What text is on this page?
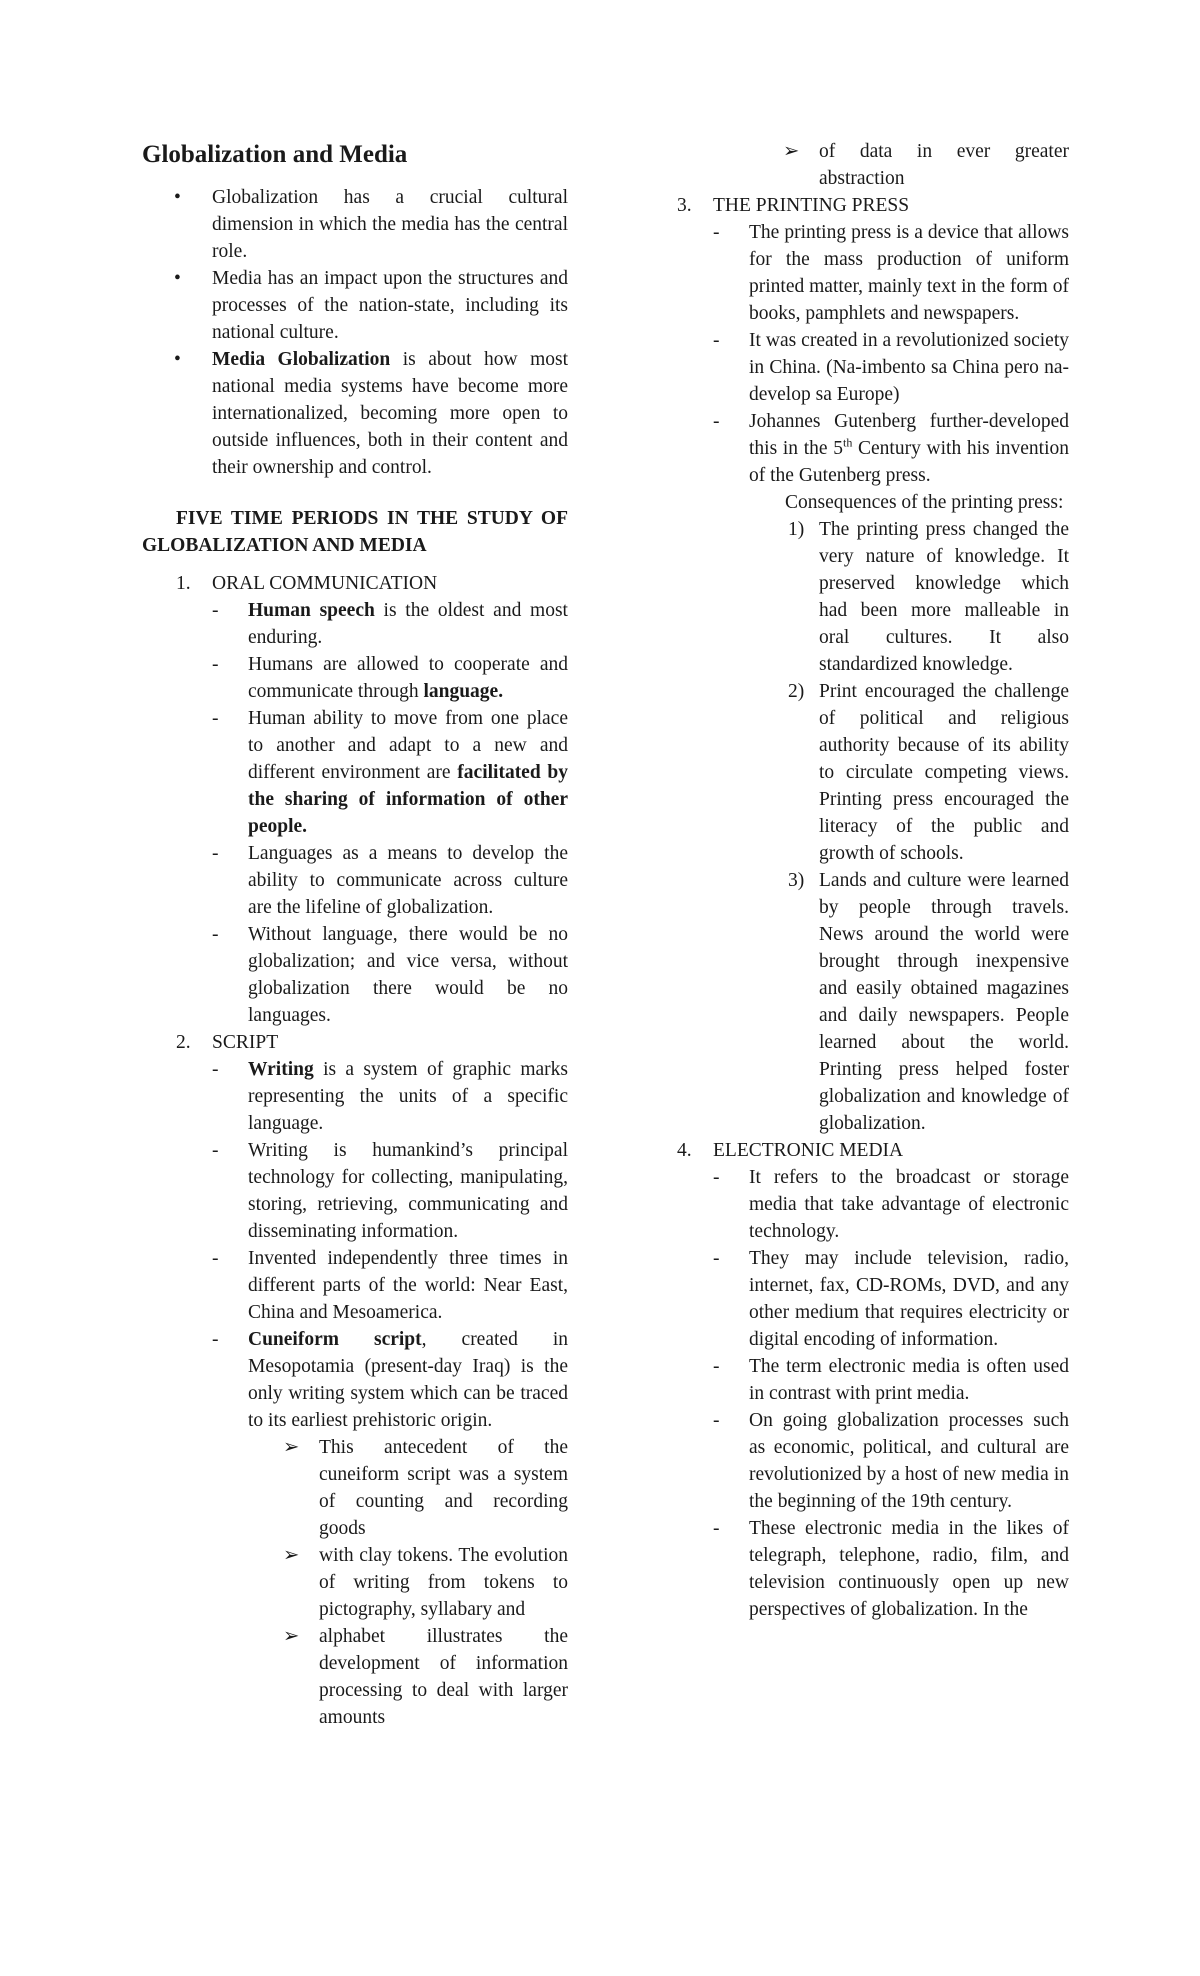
Globalization and Media

• Globalization has a crucial cultural dimension in which the media has the central role.
• Media has an impact upon the structures and processes of the nation-state, including its national culture.
• Media Globalization is about how most national media systems have become more internationalized, becoming more open to outside influences, both in their content and their ownership and control.

FIVE TIME PERIODS IN THE STUDY OF GLOBALIZATION AND MEDIA

1. ORAL COMMUNICATION

- Human speech is the oldest and most enduring.

- Humans are allowed to cooperate and communicate through language.

- Human ability to move from one place to another and adapt to a new and different environment are facilitated by the sharing of information of other people.

- Languages as a means to develop the ability to communicate across culture are the lifeline of globalization.

- Without language, there would be no globalization; and vice versa, without globalization there would be no languages.

2. SCRIPT

- Writing is a system of graphic marks representing the units of a specific language.

- Writing is humankind’s principal technology for collecting, manipulating, storing, retrieving, communicating and disseminating information.

- Invented independently three times in different parts of the world: Near East, China and Mesoamerica.

- Cuneiform script, created in Mesopotamia (present-day Iraq) is the only writing system which can be traced to its earliest prehistoric origin.

➢ This antecedent of the cuneiform script was a system of counting and recording goods

➢ with clay tokens. The evolution of writing from tokens to pictography, syllabary and

➢ alphabet illustrates the development of information processing to deal with larger amounts

➢ of data in ever greater abstraction

3. THE PRINTING PRESS

- The printing press is a device that allows for the mass production of uniform printed matter, mainly text in the form of books, pamphlets and newspapers.

- It was created in a revolutionized society in China. (Na-imbento sa China pero na-develop sa Europe)

- Johannes Gutenberg further-developed this in the 5th Century with his invention of the Gutenberg press.

Consequences of the printing press:

1) The printing press changed the very nature of knowledge. It preserved knowledge which had been more malleable in oral cultures. It also standardized knowledge.

2) Print encouraged the challenge of political and religious authority because of its ability to circulate competing views. Printing press encouraged the literacy of the public and growth of schools.

3) Lands and culture were learned by people through travels. News around the world were brought through inexpensive and easily obtained magazines and daily newspapers. People learned about the world. Printing press helped foster globalization and knowledge of globalization.

4. ELECTRONIC MEDIA

- It refers to the broadcast or storage media that take advantage of electronic technology.

- They may include television, radio, internet, fax, CD-ROMs, DVD, and any other medium that requires electricity or digital encoding of information.

- The term electronic media is often used in contrast with print media.

- On going globalization processes such as economic, political, and cultural are revolutionized by a host of new media in the beginning of the 19th century.

- These electronic media in the likes of telegraph, telephone, radio, film, and television continuously open up new perspectives of globalization. In the
